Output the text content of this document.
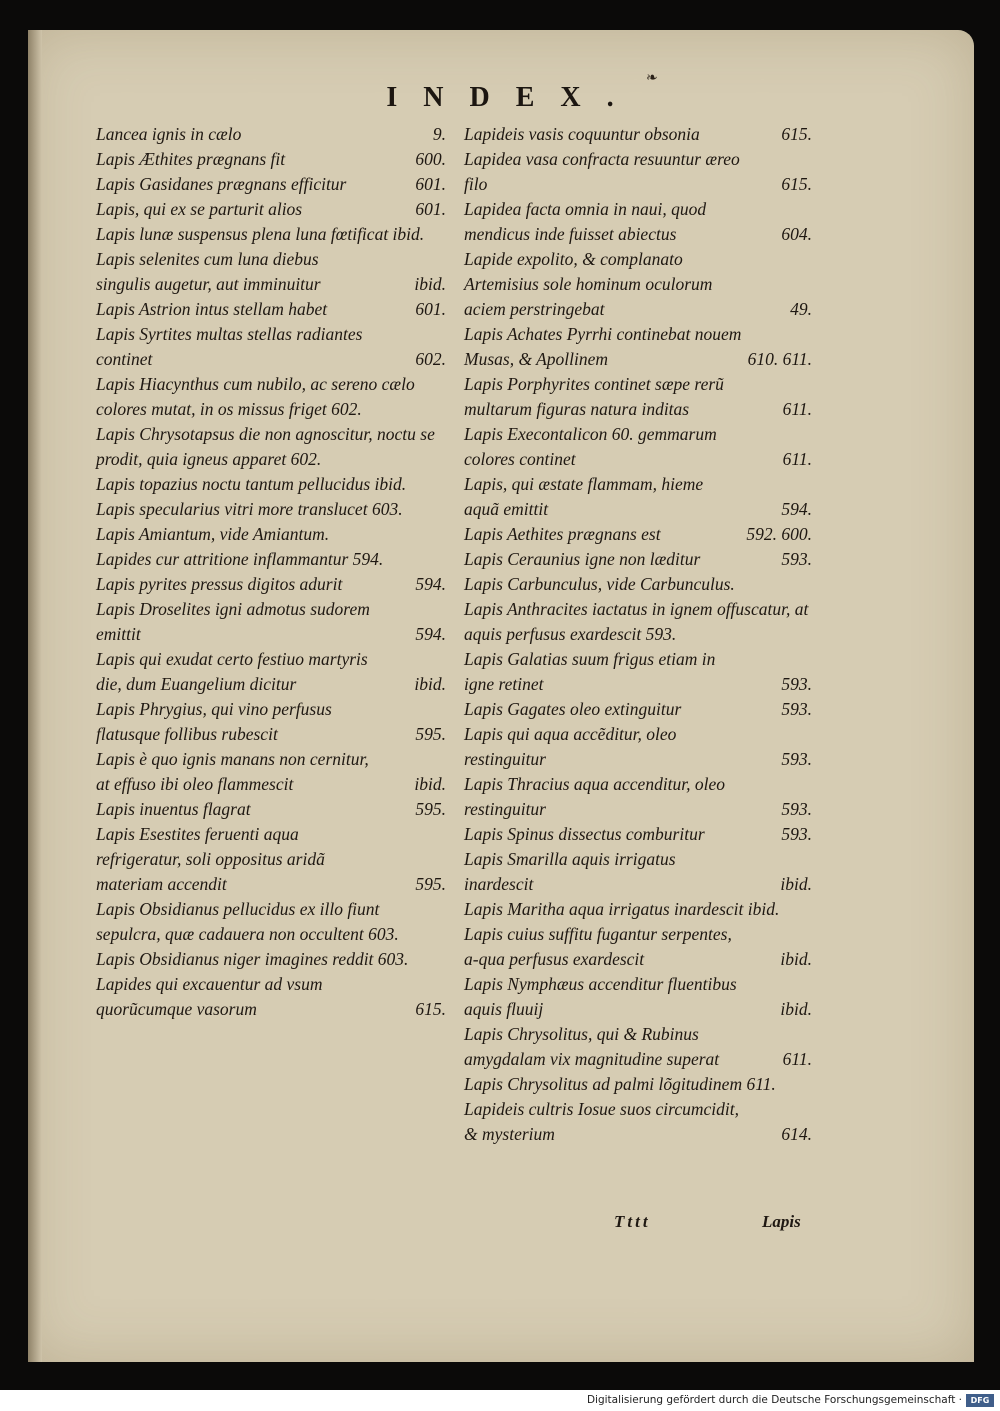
❧
INDEX.
Lancea ignis in cælo	9.
Lapis Æthites prægnans fit	600.
Lapis Gasidanes prægnans efficitur	601.
Lapis, qui ex se parturit alios	601.
Lapis lunæ suspensus plena luna fœtificat ibid.
Lapis selenites cum luna diebus singulis augetur, aut imminuitur	ibid.
Lapis Astrion intus stellam habet	601.
Lapis Syrtites multas stellas radiantes continet	602.
Lapis Hiacynthus cum nubilo, ac sereno cælo colores mutat, in os missus friget 602.
Lapis Chrysotapsus die non agnoscitur, noctu se prodit, quia igneus apparet 602.
Lapis topazius noctu tantum pellucidus ibid.
Lapis specularius vitri more translucet 603.
Lapis Amiantum, vide Amiantum.
Lapides cur attritione inflammantur 594.
Lapis pyrites pressus digitos adurit	594.
Lapis Droselites igni admotus sudorem emittit	594.
Lapis qui exudat certo festiuo martyris die, dum Euangelium dicitur	ibid.
Lapis Phrygius, qui vino perfusus flatusque follibus rubescit	595.
Lapis è quo ignis manans non cernitur, at effuso ibi oleo flammescit	ibid.
Lapis inuentus flagrat	595.
Lapis Esestites feruenti aqua refrigeratur, soli oppositus aridã materiam accendit	595.
Lapis Obsidianus pellucidus ex illo fiunt sepulcra, quæ cadauera non occultent 603.
Lapis Obsidianus niger imagines reddit 603.
Lapides qui excauentur ad vsum quorũcumque vasorum	615.
Lapideis vasis coquuntur obsonia	615.
Lapidea vasa confracta resuuntur æreo filo	615.
Lapidea facta omnia in naui, quod mendicus inde fuisset abiectus	604.
Lapide expolito, & complanato Artemisius sole hominum oculorum aciem perstringebat	49.
Lapis Achates Pyrrhi continebat nouem Musas, & Apollinem	610. 611.
Lapis Porphyrites continet sæpe rerũ multarum figuras natura inditas	611.
Lapis Execontalicon 60. gemmarum colores continet	611.
Lapis, qui æstate flammam, hieme aquã emittit	594.
Lapis Aethites prægnans est	592. 600.
Lapis Ceraunius igne non læditur	593.
Lapis Carbunculus, vide Carbunculus.
Lapis Anthracites iactatus in ignem offuscatur, at aquis perfusus exardescit 593.
Lapis Galatias suum frigus etiam in igne retinet	593.
Lapis Gagates oleo extinguitur	593.
Lapis qui aqua accẽditur, oleo restinguitur	593.
Lapis Thracius aqua accenditur, oleo restinguitur	593.
Lapis Spinus dissectus comburitur	593.
Lapis Smarilla aquis irrigatus inardescit	ibid.
Lapis Maritha aqua irrigatus inardescit ibid.
Lapis cuius suffitu fugantur serpentes, a-qua perfusus exardescit	ibid.
Lapis Nymphæus accenditur fluentibus aquis fluuij	ibid.
Lapis Chrysolitus, qui & Rubinus amygdalam vix magnitudine superat	611.
Lapis Chrysolitus ad palmi lõgitudinem 611.
Lapideis cultris Iosue suos circumcidit, & mysterium	614.
Tttt	Lapis
Digitalisierung gefördert durch die Deutsche Forschungsgemeinschaft ·	DFG
